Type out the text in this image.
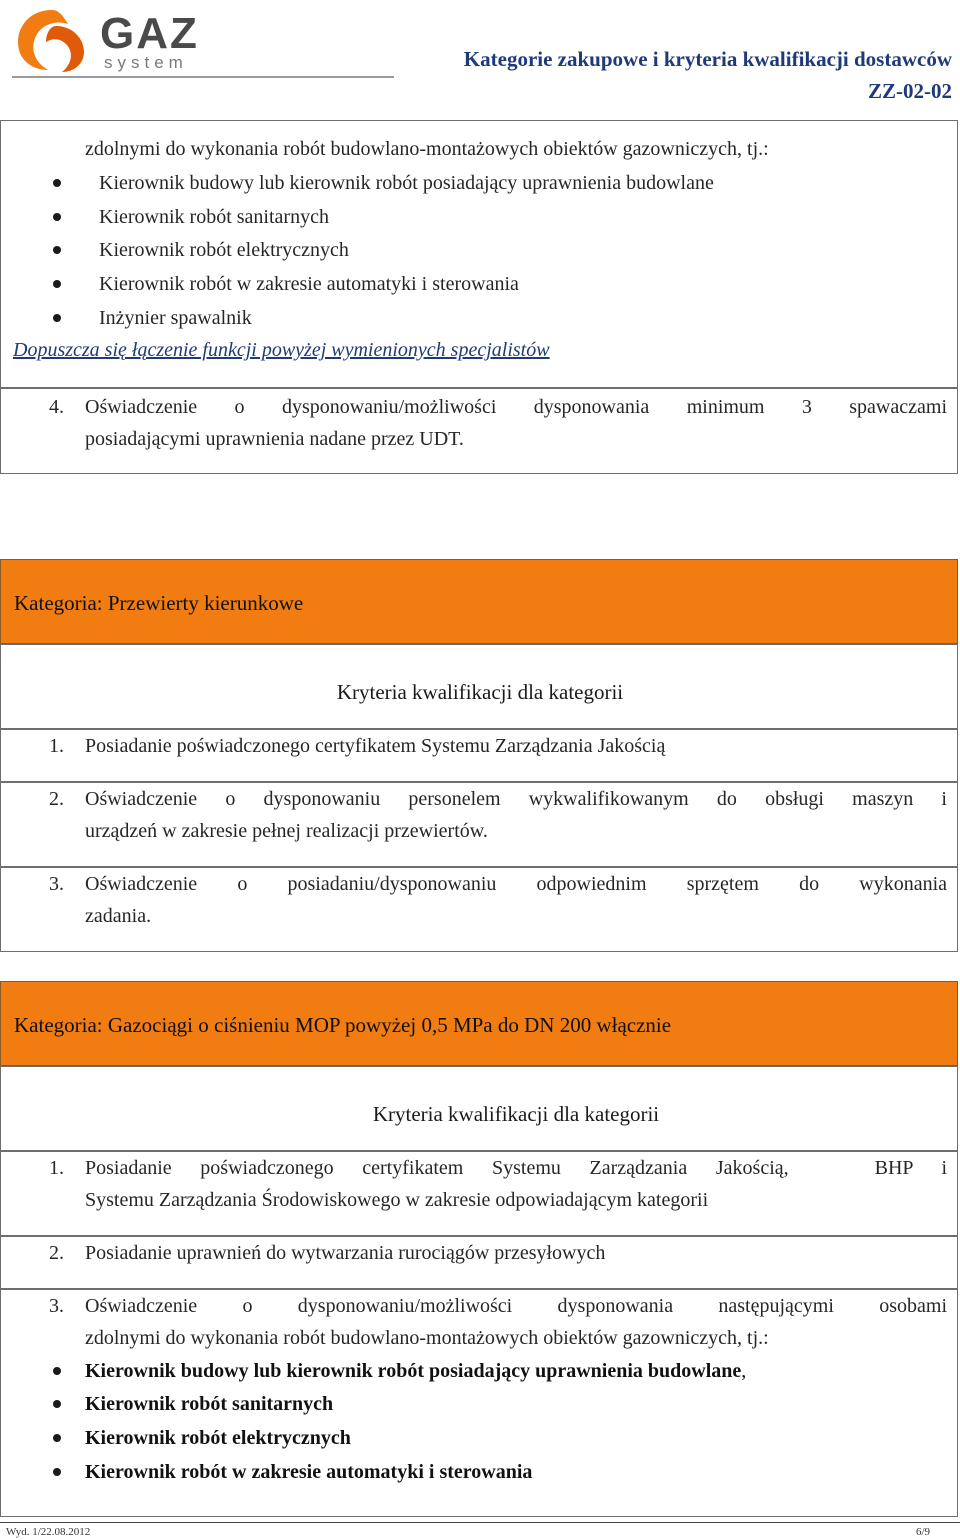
GAZ
system	Kategorie zakupowe i kryteria kwalifikacji dostawców
ZZ-02-02
zdolnymi do wykonania robót budowlano-montażowych obiektów gazowniczych, tj.:
Kierownik budowy lub kierownik robót posiadający uprawnienia budowlane
Kierownik robót sanitarnych
Kierownik robót elektrycznych
Kierownik robót w zakresie automatyki i sterowania
Inżynier spawalnik
Dopuszcza się łączenie funkcji powyżej wymienionych specjalistów
4. Oświadczenie o dysponowaniu/możliwości dysponowania minimum 3 spawaczami
posiadającymi uprawnienia nadane przez UDT.
Kategoria: Przewierty kierunkowe
Kryteria kwalifikacji dla kategorii
1. Posiadanie poświadczonego certyfikatem Systemu Zarządzania Jakością
2. Oświadczenie o dysponowaniu personelem wykwalifikowanym do obsługi maszyn i
urządzeń w zakresie pełnej realizacji przewiertów.
3. Oświadczenie o posiadaniu/dysponowaniu odpowiednim sprzętem do wykonania
zadania.
Kategoria: Gazociągi o ciśnieniu MOP powyżej 0,5 MPa do DN 200 włącznie
Kryteria kwalifikacji dla kategorii
1. Posiadanie poświadczonego certyfikatem Systemu Zarządzania Jakością,   BHP i
Systemu Zarządzania Środowiskowego w zakresie odpowiadającym kategorii
2. Posiadanie uprawnień do wytwarzania rurociągów przesyłowych
3. Oświadczenie o dysponowaniu/możliwości dysponowania następującymi osobami
zdolnymi do wykonania robót budowlano-montażowych obiektów gazowniczych, tj.:
Kierownik budowy lub kierownik robót posiadający uprawnienia budowlane,
Kierownik robót sanitarnych
Kierownik robót elektrycznych
Kierownik robót w zakresie automatyki i sterowania
Wyd. 1/22.08.2012	6/9
